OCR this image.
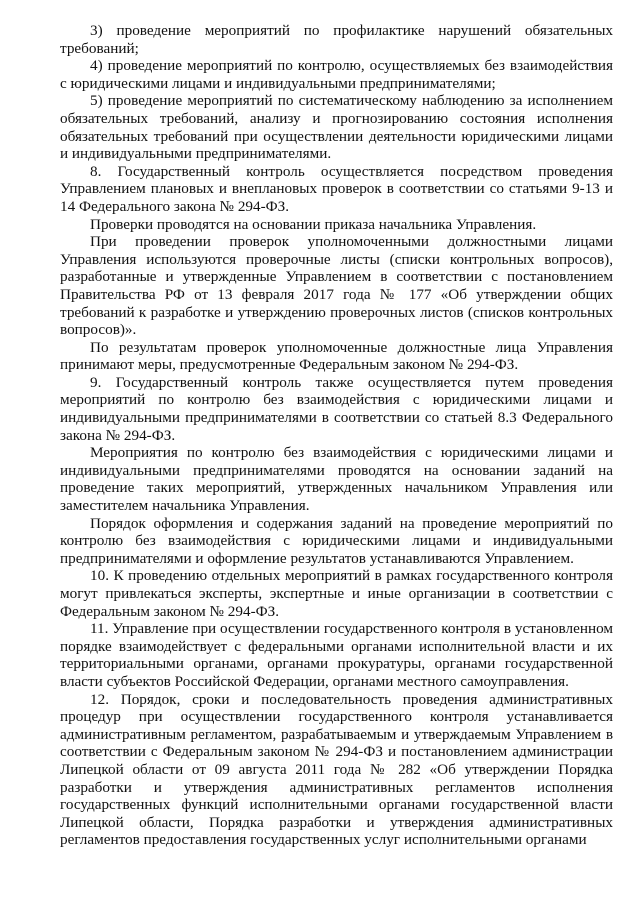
3) проведение мероприятий по профилактике нарушений обязательных требований;

4) проведение мероприятий по контролю, осуществляемых без взаимодействия с юридическими лицами и индивидуальными предпринимателями;

5) проведение мероприятий по систематическому наблюдению за исполнением обязательных требований, анализу и прогнозированию состояния исполнения обязательных требований при осуществлении деятельности юридическими лицами и индивидуальными предпринимателями.

8. Государственный контроль осуществляется посредством проведения Управлением плановых и внеплановых проверок в соответствии со статьями 9-13 и 14 Федерального закона № 294-ФЗ.

Проверки проводятся на основании приказа начальника Управления.

При проведении проверок уполномоченными должностными лицами Управления используются проверочные листы (списки контрольных вопросов), разработанные и утвержденные Управлением в соответствии с постановлением Правительства РФ от 13 февраля 2017 года № 177 «Об утверждении общих требований к разработке и утверждению проверочных листов (списков контрольных вопросов)».

По результатам проверок уполномоченные должностные лица Управления принимают меры, предусмотренные Федеральным законом № 294-ФЗ.

9. Государственный контроль также осуществляется путем проведения мероприятий по контролю без взаимодействия с юридическими лицами и индивидуальными предпринимателями в соответствии со статьей 8.3 Федерального закона № 294-ФЗ.

Мероприятия по контролю без взаимодействия с юридическими лицами и индивидуальными предпринимателями проводятся на основании заданий на проведение таких мероприятий, утвержденных начальником Управления или заместителем начальника Управления.

Порядок оформления и содержания заданий на проведение мероприятий по контролю без взаимодействия с юридическими лицами и индивидуальными предпринимателями и оформление результатов устанавливаются Управлением.

10. К проведению отдельных мероприятий в рамках государственного контроля могут привлекаться эксперты, экспертные и иные организации в соответствии с Федеральным законом № 294-ФЗ.

11. Управление при осуществлении государственного контроля в установленном порядке взаимодействует с федеральными органами исполнительной власти и их территориальными органами, органами прокуратуры, органами государственной власти субъектов Российской Федерации, органами местного самоуправления.

12. Порядок, сроки и последовательность проведения административных процедур при осуществлении государственного контроля устанавливается административным регламентом, разрабатываемым и утверждаемым Управлением в соответствии с Федеральным законом № 294-ФЗ и постановлением администрации Липецкой области от 09 августа 2011 года № 282 «Об утверждении Порядка разработки и утверждения административных регламентов исполнения государственных функций исполнительными органами государственной власти Липецкой области, Порядка разработки и утверждения административных регламентов предоставления государственных услуг исполнительными органами
